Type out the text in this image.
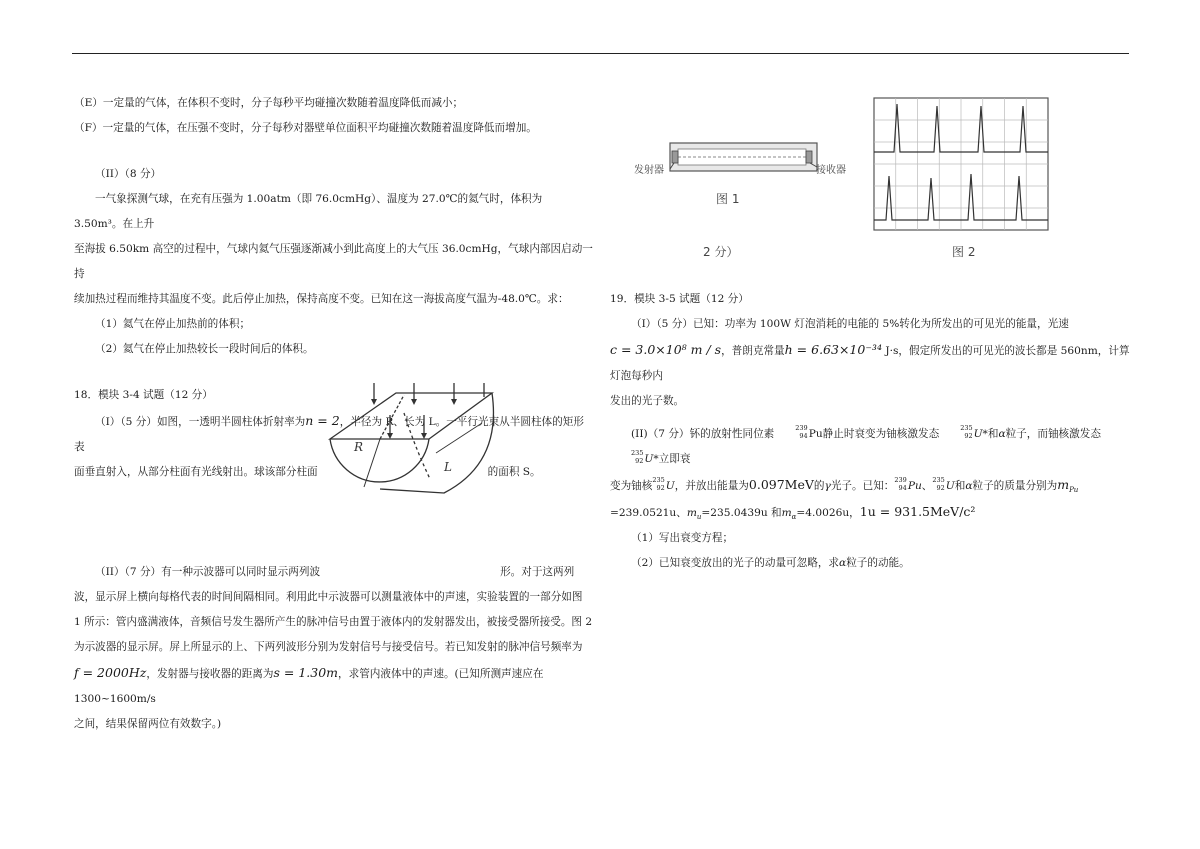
（E）一定量的气体，在体积不变时，分子每秒平均碰撞次数随着温度降低而减小；

（F）一定量的气体，在压强不变时，分子每秒对器壁单位面积平均碰撞次数随着温度降低而增加。

（II）（8 分）

一气象探测气球，在充有压强为 1.00atm（即 76.0cmHg）、温度为 27.0℃的氦气时，体积为 3.50m³。在上升

至海拔 6.50km 高空的过程中，气球内氦气压强逐渐减小到此高度上的大气压 36.0cmHg，气球内部因启动一持

续加热过程而维持其温度不变。此后停止加热，保持高度不变。已知在这一海拔高度气温为-48.0℃。求：

（1）氦气在停止加热前的体积；

（2）氦气在停止加热较长一段时间后的体积。

18．模块 3-4 试题（12 分）

（I）（5 分）如图，一透明半圆柱体折射率为n = 2，半径为 R、长为 L。一平行光束从半圆柱体的矩形表

面垂直射入，从部分柱面有光线射出。球该部分柱面	的面积 S。

（II）（7 分）有一种示波器可以同时显示两列波	形。对于这两列

波，显示屏上横向每格代表的时间间隔相同。利用此中示波器可以测量液体中的声速，实验装置的一部分如图

1 所示：管内盛满液体，音频信号发生器所产生的脉冲信号由置于液体内的发射器发出，被接受器所接受。图 2

为示波器的显示屏。屏上所显示的上、下两列波形分别为发射信号与接受信号。若已知发射的脉冲信号频率为

f = 2000Hz，发射器与接收器的距离为s = 1.30m，求管内液体中的声速。(已知所测声速应在 1300~1600m/s

之间，结果保留两位有效数字。)

R
L
发射器	接收器
图 1
2 分）	图 2

19．模块 3-5 试题（12 分）

（I）（5 分）已知：功率为 100W 灯泡消耗的电能的 5%转化为所发出的可见光的能量，光速

c = 3.0×10⁸ m / s，普朗克常量h = 6.63×10⁻³⁴ J·s，假定所发出的可见光的波长都是 560nm，计算灯泡每秒内

发出的光子数。

(II)（7 分）钚的放射性同位素	239
94 Pu静止时衰变为铀核激发态	235
92 U*和α粒子，而铀核激发态
235
92 U*立即衰

变为铀核 235
92 U，并放出能量为0.097MeV的γ光子。已知： 239
94 Pu、 235
92 U和α粒子的质量分别为$m_{Pu}$

=239.0521u、$m_u=235.0439u$ 和$m_\alpha=4.0026u$，1u = 931.5MeV/c²

（1）写出衰变方程；

（2）已知衰变放出的光子的动量可忽略，求α粒子的动能。
